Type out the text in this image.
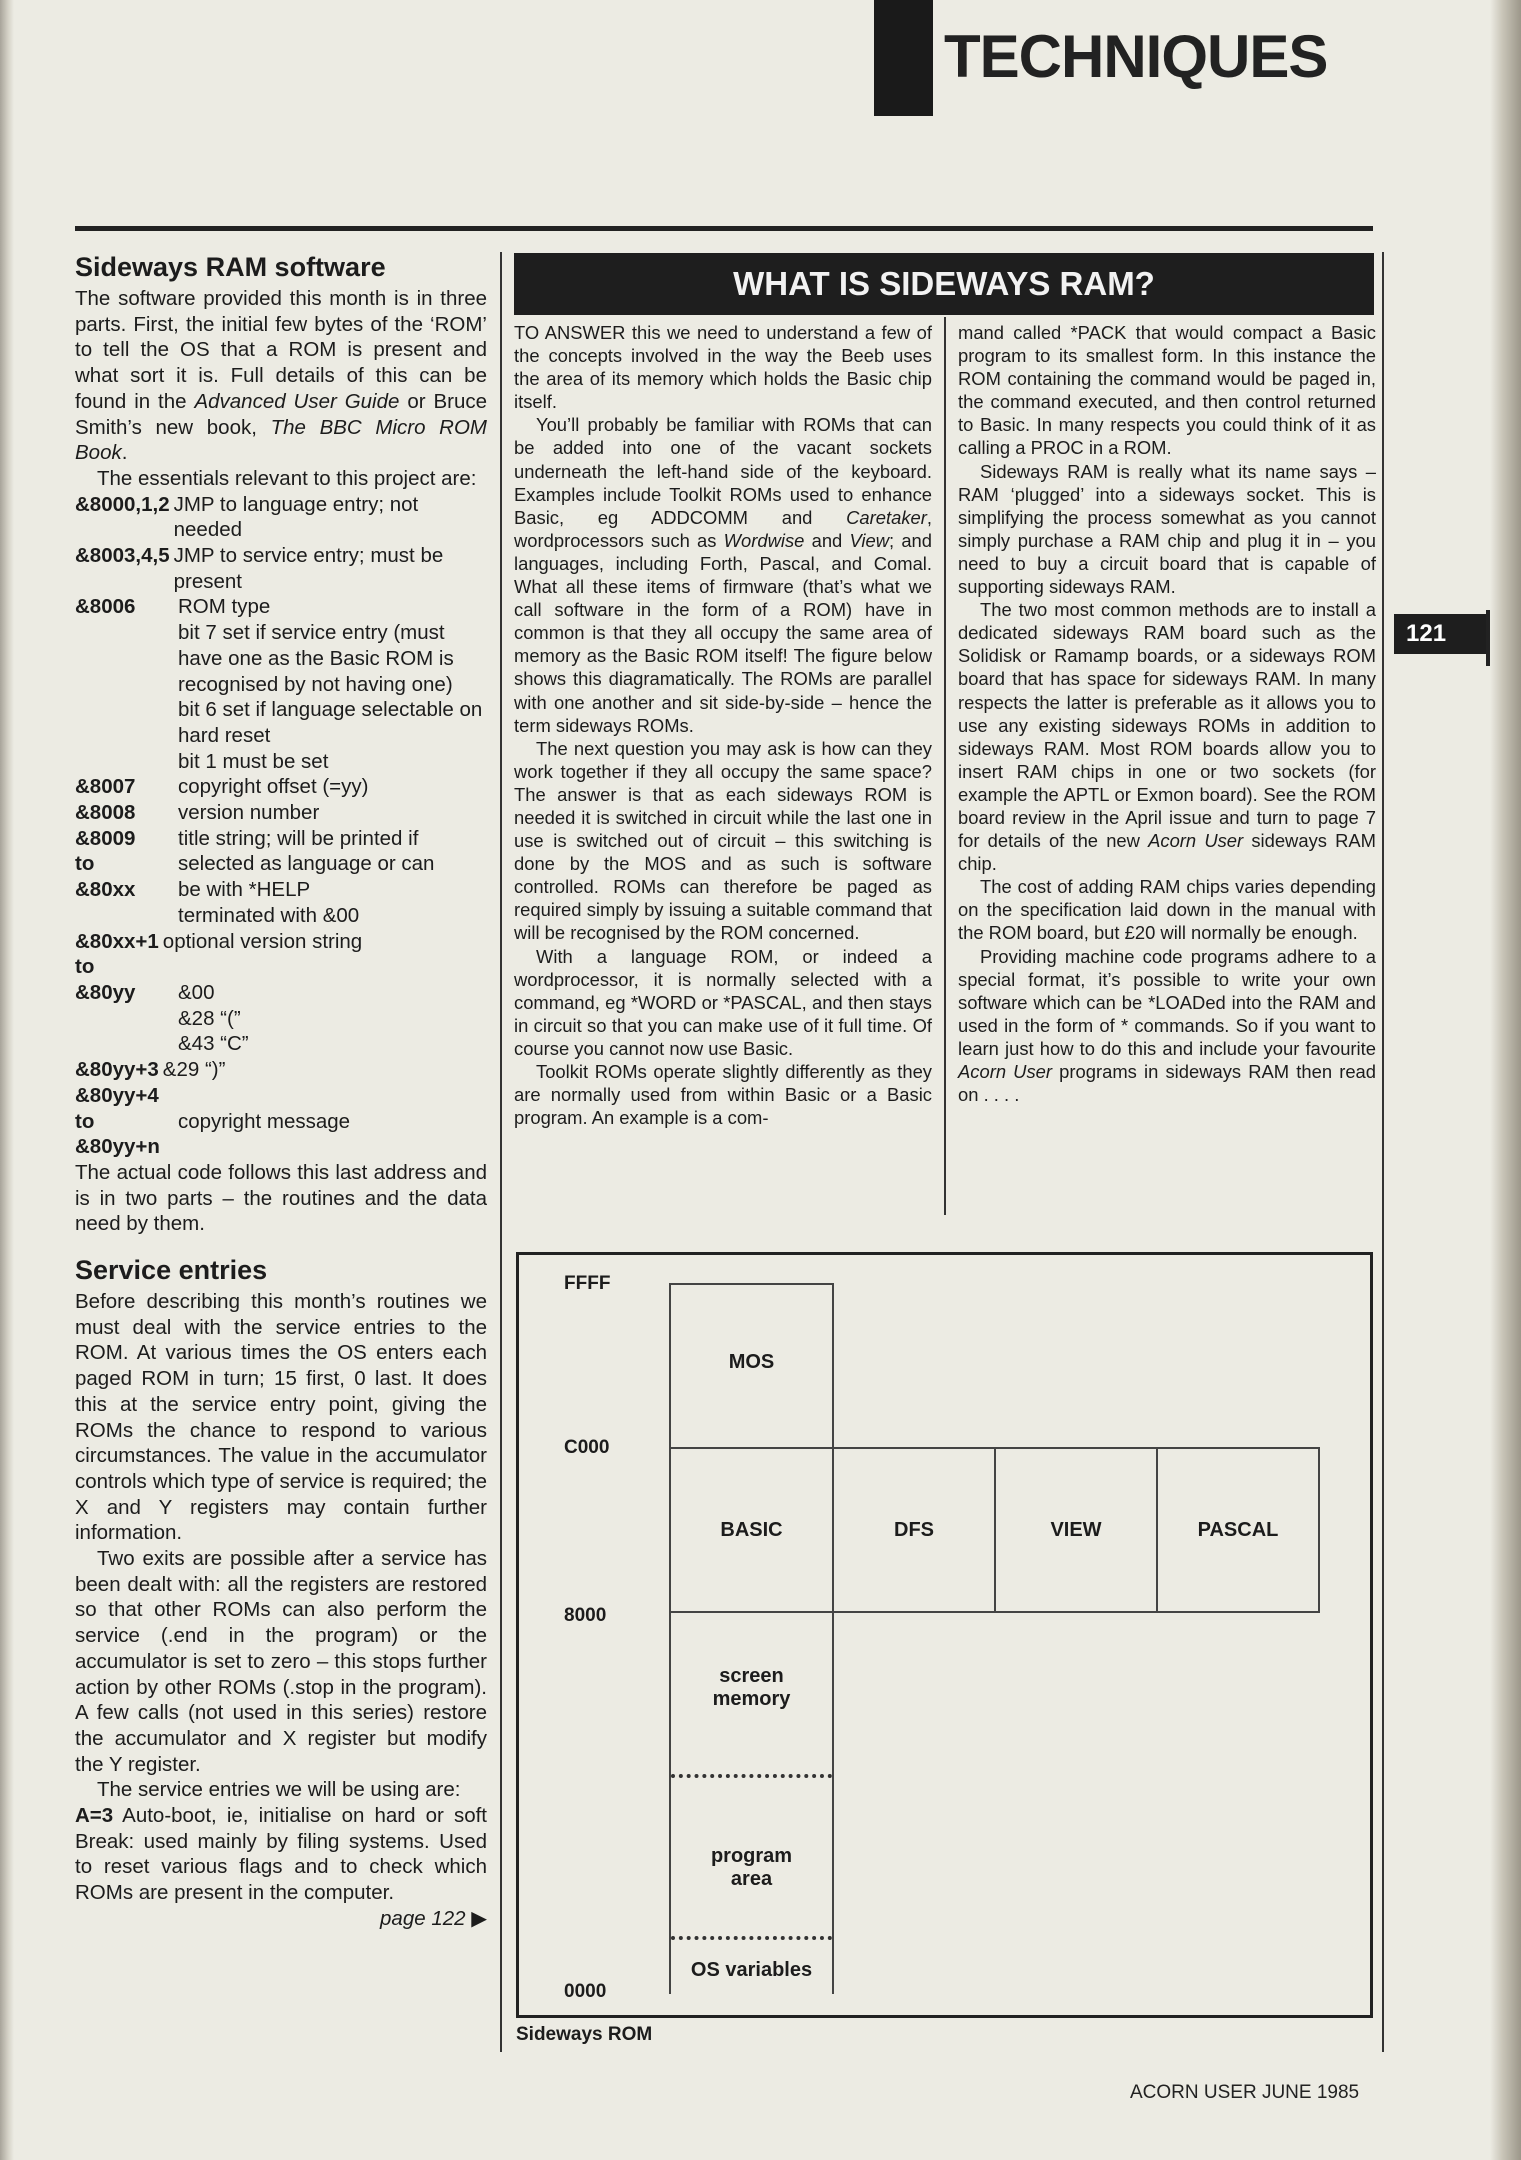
TECHNIQUES
Sideways RAM software

The software provided this month is in three parts. First, the initial few bytes of the ‘ROM’ to tell the OS that a ROM is present and what sort it is. Full details of this can be found in the Advanced User Guide or Bruce Smith’s new book, The BBC Micro ROM Book.

The essentials relevant to this project are:

&8000,1,2 JMP to language entry; not needed
&8003,4,5 JMP to service entry; must be present
&8006	ROM type
bit 7 set if service entry (must have one as the Basic ROM is recognised by not having one)
bit 6 set if language selectable on hard reset
bit 1 must be set
&8007	copyright offset (=yy)
&8008	version number
&8009	title string; will be printed if
to	selected as language or can
&80xx	be with *HELP
terminated with &00
&80xx+1 optional version string
to
&80yy	&00
&28 “(”
&43 “C”
&80yy+3 &29 “)”
&80yy+4
to	copyright message
&80yy+n

The actual code follows this last address and is in two parts – the routines and the data need by them.

Service entries

Before describing this month’s routines we must deal with the service entries to the ROM. At various times the OS enters each paged ROM in turn; 15 first, 0 last. It does this at the service entry point, giving the ROMs the chance to respond to various circumstances. The value in the accumulator controls which type of service is required; the X and Y registers may contain further information.

Two exits are possible after a service has been dealt with: all the registers are restored so that other ROMs can also perform the service (.end in the program) or the accumulator is set to zero – this stops further action by other ROMs (.stop in the program). A few calls (not used in this series) restore the accumulator and X register but modify the Y register.

The service entries we will be using are:

A=3 Auto-boot, ie, initialise on hard or soft Break: used mainly by filing systems. Used to reset various flags and to check which ROMs are present in the computer.
page 122 ▶

WHAT IS SIDEWAYS RAM?

TO ANSWER this we need to understand a few of the concepts involved in the way the Beeb uses the area of its memory which holds the Basic chip itself.

You’ll probably be familiar with ROMs that can be added into one of the vacant sockets underneath the left-hand side of the keyboard. Examples include Toolkit ROMs used to enhance Basic, eg ADDCOMM and Caretaker, wordprocessors such as Wordwise and View; and languages, including Forth, Pascal, and Comal. What all these items of firmware (that’s what we call software in the form of a ROM) have in common is that they all occupy the same area of memory as the Basic ROM itself! The figure below shows this diagramatically. The ROMs are parallel with one another and sit side-by-side – hence the term sideways ROMs.

The next question you may ask is how can they work together if they all occupy the same space? The answer is that as each sideways ROM is needed it is switched in circuit while the last one in use is switched out of circuit – this switching is done by the MOS and as such is software controlled. ROMs can therefore be paged as required simply by issuing a suitable command that will be recognised by the ROM concerned.

With a language ROM, or indeed a wordprocessor, it is normally selected with a command, eg *WORD or *PASCAL, and then stays in circuit so that you can make use of it full time. Of course you cannot now use Basic.

Toolkit ROMs operate slightly differently as they are normally used from within Basic or a Basic program. An example is a com-

mand called *PACK that would compact a Basic program to its smallest form. In this instance the ROM containing the command would be paged in, the command executed, and then control returned to Basic. In many respects you could think of it as calling a PROC in a ROM.

Sideways RAM is really what its name says – RAM ‘plugged’ into a sideways socket. This is simplifying the process somewhat as you cannot simply purchase a RAM chip and plug it in – you need to buy a circuit board that is capable of supporting sideways RAM.

The two most common methods are to install a dedicated sideways RAM board such as the Solidisk or Ramamp boards, or a sideways ROM board that has space for sideways RAM. In many respects the latter is preferable as it allows you to use any existing sideways ROMs in addition to sideways RAM. Most ROM boards allow you to insert RAM chips in one or two sockets (for example the APTL or Exmon board). See the ROM board review in the April issue and turn to page 7 for details of the new Acorn User sideways RAM chip.

The cost of adding RAM chips varies depending on the specification laid down in the manual with the ROM board, but £20 will normally be enough.

Providing machine code programs adhere to a special format, it’s possible to write your own software which can be *LOADed into the RAM and used in the form of * commands. So if you want to learn just how to do this and include your favourite Acorn User programs in sideways RAM then read on . . . .

FFFF
C000
8000
0000
MOS
BASIC	DFS	VIEW	PASCAL
screen memory
program area
OS variables
Sideways ROM
121
ACORN USER JUNE 1985
